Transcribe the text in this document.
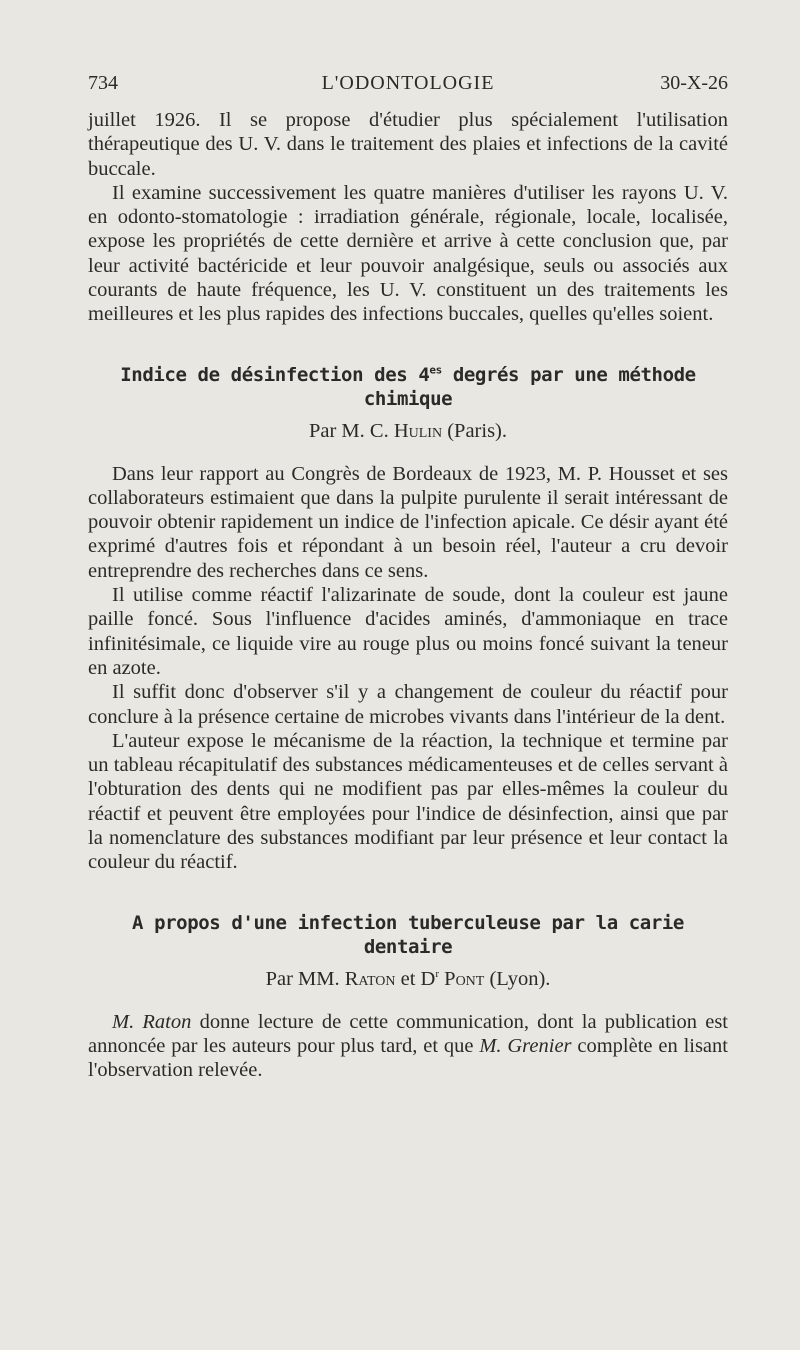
734	L'ODONTOLOGIE	30-X-26

juillet 1926. Il se propose d'étudier plus spécialement l'utilisation thérapeutique des U. V. dans le traitement des plaies et infections de la cavité buccale.

Il examine successivement les quatre manières d'utiliser les rayons U. V. en odonto-stomatologie : irradiation générale, régionale, locale, localisée, expose les propriétés de cette dernière et arrive à cette conclusion que, par leur activité bactéricide et leur pouvoir analgésique, seuls ou associés aux courants de haute fréquence, les U. V. constituent un des traitements les meilleures et les plus rapides des infections buccales, quelles qu'elles soient.

Indice de désinfection des $4^{es}$ degrés par une méthode chimique
Par M. C. Hulin (Paris).

Dans leur rapport au Congrès de Bordeaux de 1923, M. P. Housset et ses collaborateurs estimaient que dans la pulpite purulente il serait intéressant de pouvoir obtenir rapidement un indice de l'infection apicale. Ce désir ayant été exprimé d'autres fois et répondant à un besoin réel, l'auteur a cru devoir entreprendre des recherches dans ce sens.

Il utilise comme réactif l'alizarinate de soude, dont la couleur est jaune paille foncé. Sous l'influence d'acides aminés, d'ammoniaque en trace infinitésimale, ce liquide vire au rouge plus ou moins foncé suivant la teneur en azote.

Il suffit donc d'observer s'il y a changement de couleur du réactif pour conclure à la présence certaine de microbes vivants dans l'intérieur de la dent.

L'auteur expose le mécanisme de la réaction, la technique et termine par un tableau récapitulatif des substances médicamenteuses et de celles servant à l'obturation des dents qui ne modifient pas par elles-mêmes la couleur du réactif et peuvent être employées pour l'indice de désinfection, ainsi que par la nomenclature des substances modifiant par leur présence et leur contact la couleur du réactif.

A propos d'une infection tuberculeuse par la carie dentaire
Par MM. Raton et $D^r$ Pont (Lyon).

M. Raton donne lecture de cette communication, dont la publication est annoncée par les auteurs pour plus tard, et que M. Grenier complète en lisant l'observation relevée.
